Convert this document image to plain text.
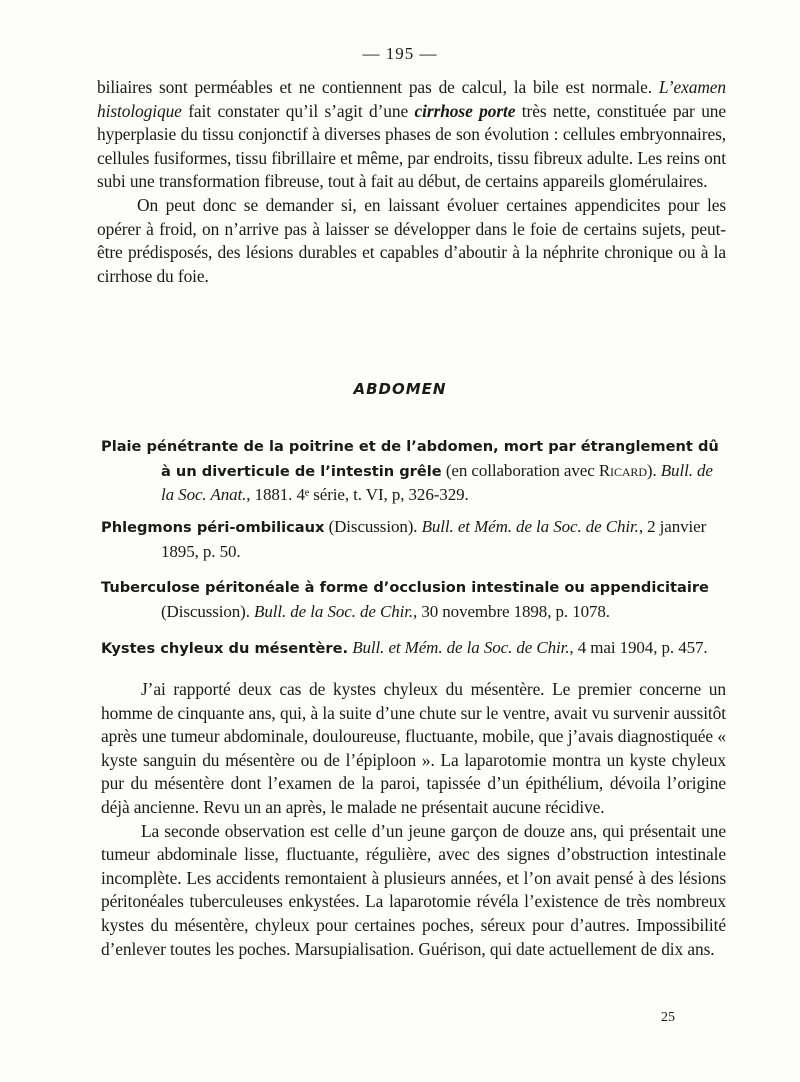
— 195 —

biliaires sont perméables et ne contiennent pas de calcul, la bile est normale. L’examen histologique fait constater qu’il s’agit d’une cirrhose porte très nette, constituée par une hyperplasie du tissu conjonctif à diverses phases de son évolution : cellules embryonnaires, cellules fusiformes, tissu fibrillaire et même, par endroits, tissu fibreux adulte. Les reins ont subi une transformation fibreuse, tout à fait au début, de certains appareils glomérulaires.

On peut donc se demander si, en laissant évoluer certaines appendicites pour les opérer à froid, on n’arrive pas à laisser se développer dans le foie de certains sujets, peut-être prédisposés, des lésions durables et capables d’aboutir à la néphrite chronique ou à la cirrhose du foie.

ABDOMEN
Plaie pénétrante de la poitrine et de l’abdomen, mort par étranglement dû à un diverticule de l’intestin grêle (en collaboration avec Ricard). Bull. de la Soc. Anat., 1881. 4ᵉ série, t. VI, p, 326-329.
Phlegmons péri-ombilicaux (Discussion). Bull. et Mém. de la Soc. de Chir., 2 janvier 1895, p. 50.
Tuberculose péritonéale à forme d’occlusion intestinale ou appendicitaire (Discussion). Bull. de la Soc. de Chir., 30 novembre 1898, p. 1078.
Kystes chyleux du mésentère. Bull. et Mém. de la Soc. de Chir., 4 mai 1904, p. 457.

J’ai rapporté deux cas de kystes chyleux du mésentère. Le premier concerne un homme de cinquante ans, qui, à la suite d’une chute sur le ventre, avait vu survenir aussitôt après une tumeur abdominale, douloureuse, fluctuante, mobile, que j’avais diagnostiquée « kyste sanguin du mésentère ou de l’épiploon ». La laparotomie montra un kyste chyleux pur du mésentère dont l’examen de la paroi, tapissée d’un épithélium, dévoila l’origine déjà ancienne. Revu un an après, le malade ne présentait aucune récidive.

La seconde observation est celle d’un jeune garçon de douze ans, qui présentait une tumeur abdominale lisse, fluctuante, régulière, avec des signes d’obstruction intestinale incomplète. Les accidents remontaient à plusieurs années, et l’on avait pensé à des lésions péritonéales tuberculeuses enkystées. La laparotomie révéla l’existence de très nombreux kystes du mésentère, chyleux pour certaines poches, séreux pour d’autres. Impossibilité d’enlever toutes les poches. Marsupialisation. Guérison, qui date actuellement de dix ans.

25
